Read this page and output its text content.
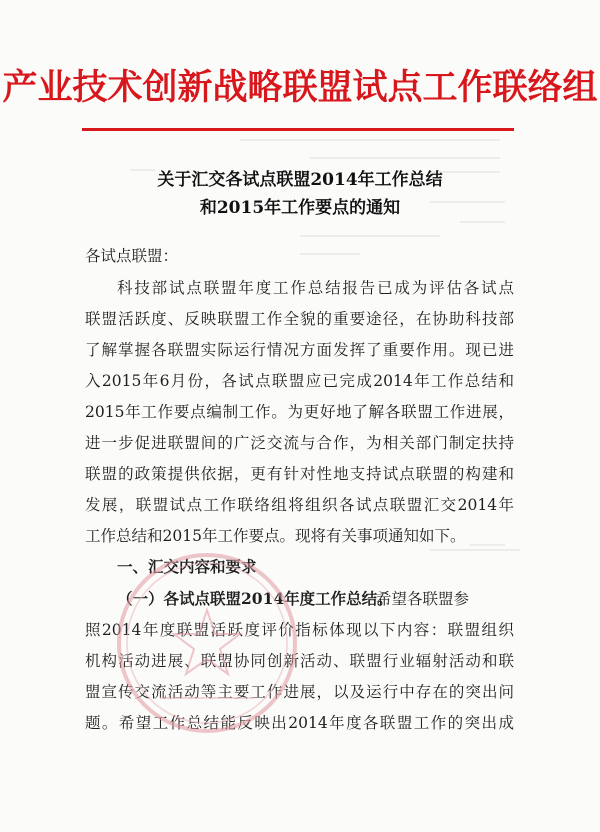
产业技术创新战略联盟试点工作联络组
关于汇交各试点联盟2014年工作总结
和2015年工作要点的通知
各试点联盟：
科技部试点联盟年度工作总结报告已成为评估各试点
联盟活跃度、反映联盟工作全貌的重要途径，在协助科技部
了解掌握各联盟实际运行情况方面发挥了重要作用。现已进
入2015年6月份，各试点联盟应已完成2014年工作总结和
2015年工作要点编制工作。为更好地了解各联盟工作进展，
进一步促进联盟间的广泛交流与合作，为相关部门制定扶持
联盟的政策提供依据，更有针对性地支持试点联盟的构建和
发展，联盟试点工作联络组将组织各试点联盟汇交2014年
工作总结和2015年工作要点。现将有关事项通知如下。
一、汇交内容和要求
（一）各试点联盟2014年度工作总结。
希望各联盟参
照2014年度联盟活跃度评价指标体现以下内容：联盟组织
机构活动进展、联盟协同创新活动、联盟行业辐射活动和联
盟宣传交流活动等主要工作进展，以及运行中存在的突出问
题。希望工作总结能反映出2014年度各联盟工作的突出成
